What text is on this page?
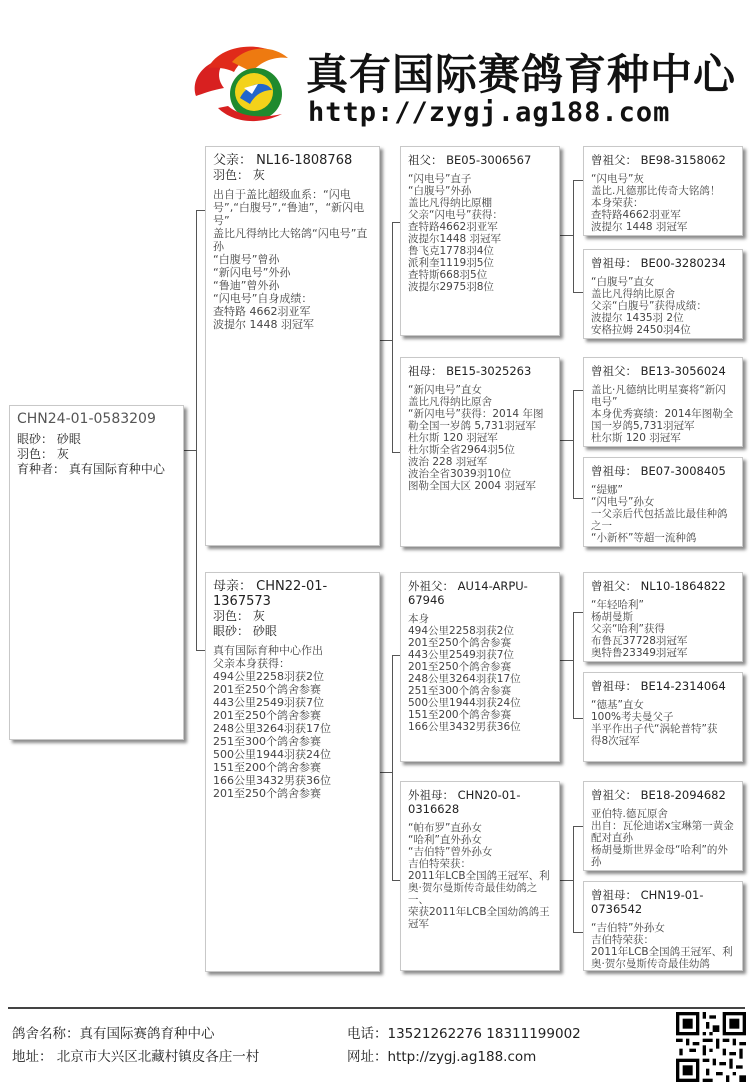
真有国际赛鸽育种中心
http://zygj.ag188.com
CHN24-01-0583209
眼砂： 砂眼
羽色： 灰
育种者： 真有国际育种中心
父亲： NL16-1808768
羽色： 灰
出自于盖比超级血系：“闪电号”,“白腹号”,“鲁迪”，“新闪电号”
盖比凡得纳比大铭鸽“闪电号”直孙
“白腹号”曾孙
“新闪电号”外孙
“鲁迪”曾外孙
“闪电号”自身成绩：
查特路 4662羽亚军
波提尔 1448 羽冠军
母亲： CHN22-01-1367573
羽色： 灰
眼砂： 砂眼
真有国际育种中心作出
父亲本身获得：
494公里2258羽获2位
201至250个鸽舍参赛
443公里2549羽获7位
201至250个鸽舍参赛
248公里3264羽获17位
251至300个鸽舍参赛
500公里1944羽获24位
151至200个鸽舍参赛
166公里3432男获36位
201至250个鸽舍参赛
祖父： BE05-3006567
“闪电号”直子
“白腹号”外孙
盖比凡得纳比原棚
父亲“闪电号”获得：
查特路4662羽亚军
波提尔1448 羽冠军
鲁飞克1778羽4位
派利奎1119羽5位
查特斯668羽5位
波提尔2975羽8位
祖母： BE15-3025263
“新闪电号”直女
盖比凡得纳比原舍
“新闪电号”获得：2014 年图勒全国一岁鸽 5,731羽冠军
杜尔斯 120 羽冠军
杜尔斯全省2964羽5位
波治 228 羽冠军
波治全省3039羽10位
图勒全国大区 2004 羽冠军
外祖父： AU14-ARPU-67946
本身
494公里2258羽获2位
201至250个鸽舍参赛
443公里2549羽获7位
201至250个鸽舍参赛
248公里3264羽获17位
251至300个鸽舍参赛
500公里1944羽获24位
151至200个鸽舍参赛
166公里3432男获36位
外祖母： CHN20-01-0316628
“帕布罗”直孙女
“哈利”直外孙女
“吉伯特”曾外孙女
吉伯特荣获：
2011年LCB全国鸽王冠军、利奥·贺尔曼斯传奇最佳幼鸽之一、
荣获2011年LCB全国幼鸽鸽王冠军
曾祖父： BE98-3158062
“闪电号”灰
盖比.凡德那比传奇大铭鸽！
本身荣获：
查特路4662羽亚军
波提尔 1448 羽冠军
曾祖母： BE00-3280234
“白腹号”直女
盖比凡得纳比原舍
父亲“白腹号”获得成绩：
波提尔 1435羽 2位
安格拉姆 2450羽4位
曾祖父： BE13-3056024
盖比·凡德纳比明星赛将“新闪电号”
本身优秀赛绩：2014年图勒全国一岁鸽5,731羽冠军
杜尔斯 120 羽冠军
曾祖母： BE07-3008405
“缇娜”
“闪电号”孙女
一父亲后代包括盖比最佳种鸽之一
“小新杯”等超一流种鸽
曾祖父： NL10-1864822
“年轻哈利”
杨胡曼斯
父亲“哈利”获得
布鲁瓦37728羽冠军
奥特鲁23349羽冠军
曾祖母： BE14-2314064
“德基”直女
100%考夫曼父子
半平作出子代“涡轮普特”获
得8次冠军
曾祖父： BE18-2094682
亚伯特.德瓦原舍
出自：瓦伦迪诺x宝琳第一黄金配对直孙
杨胡曼斯世界金母“哈利”的外孙
曾祖母： CHN19-01-0736542
“吉伯特”外孙女
吉伯特荣获：
2011年LCB全国鸽王冠军、利奥·贺尔曼斯传奇最佳幼鸽
鸽舍名称：真有国际赛鸽育种中心	电话：13521262276 18311199002
地址： 北京市大兴区北藏村镇皮各庄一村	网址：http://zygj.ag188.com
